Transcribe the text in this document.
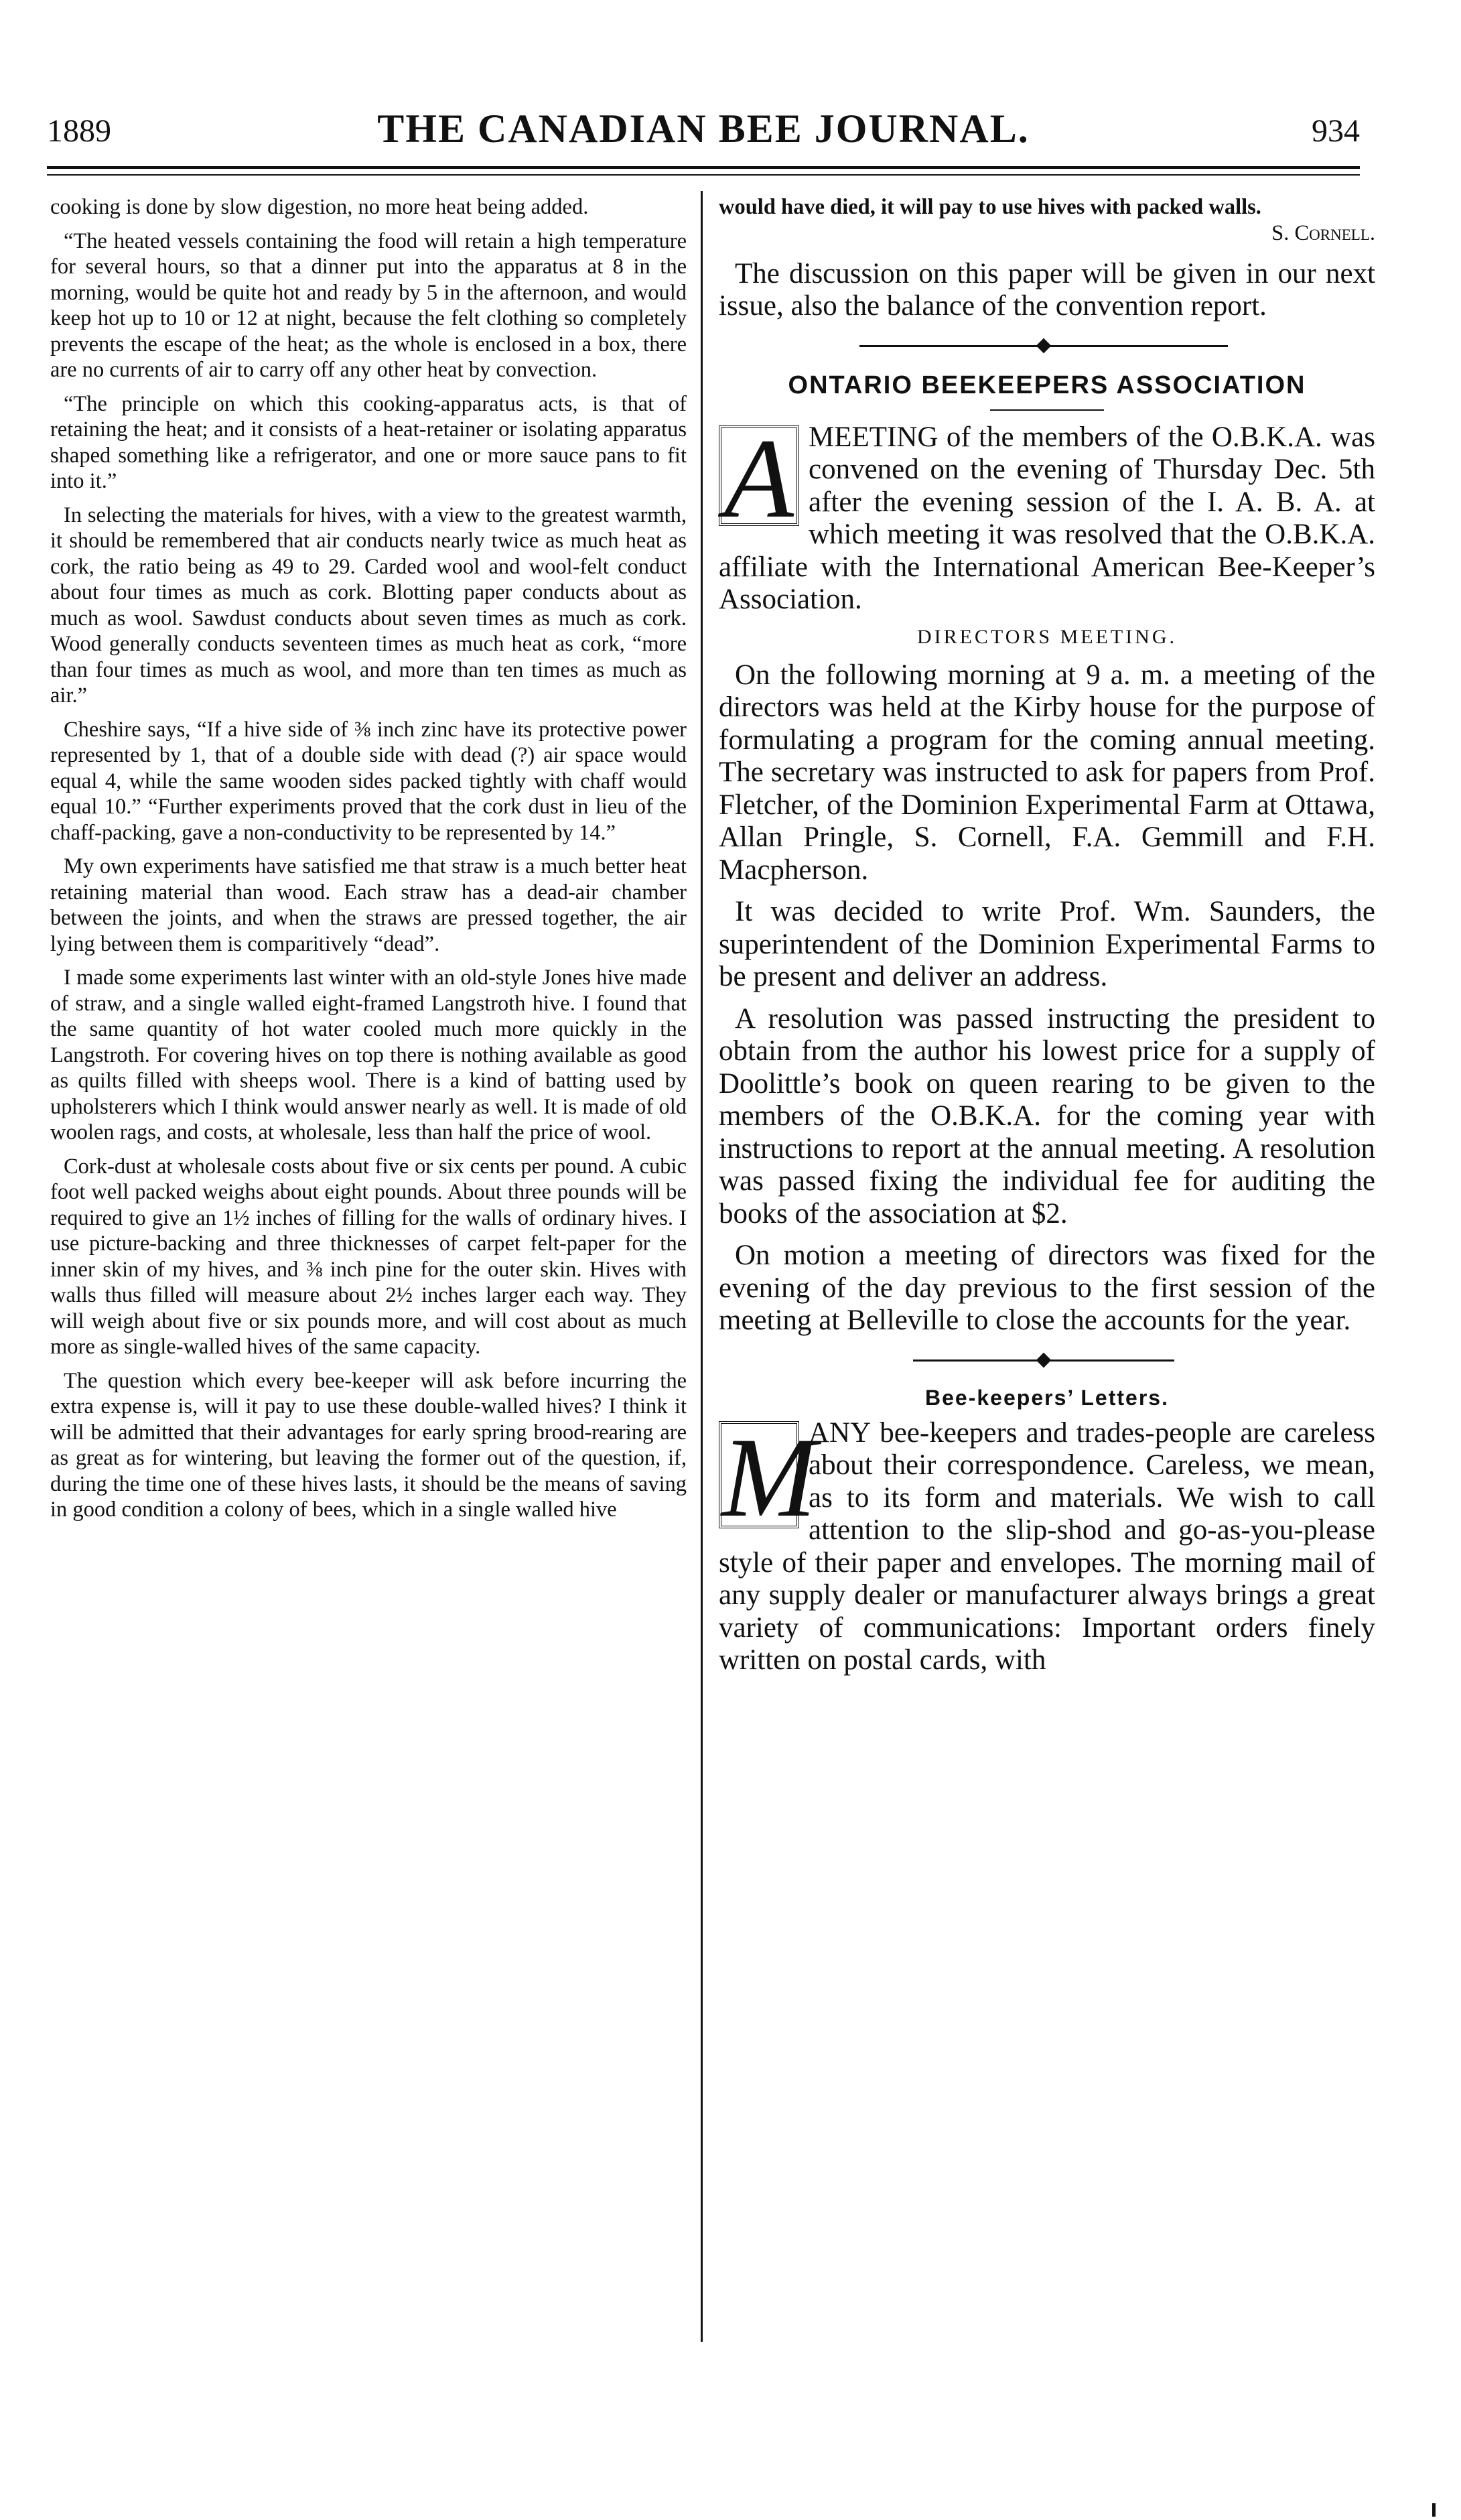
1889	THE CANADIAN BEE JOURNAL.	934

cooking is done by slow digestion, no more heat being added.

“The heated vessels containing the food will retain a high temperature for several hours, so that a dinner put into the apparatus at 8 in the morning, would be quite hot and ready by 5 in the afternoon, and would keep hot up to 10 or 12 at night, because the felt clothing so completely prevents the escape of the heat; as the whole is enclosed in a box, there are no currents of air to carry off any other heat by convection.

“The principle on which this cooking-apparatus acts, is that of retaining the heat; and it consists of a heat-retainer or isolating apparatus shaped something like a refrigerator, and one or more sauce pans to fit into it.”

In selecting the materials for hives, with a view to the greatest warmth, it should be remembered that air conducts nearly twice as much heat as cork, the ratio being as 49 to 29. Carded wool and wool-felt conduct about four times as much as cork. Blotting paper conducts about as much as wool. Sawdust conducts about seven times as much as cork. Wood generally conducts seventeen times as much heat as cork, “more than four times as much as wool, and more than ten times as much as air.”

Cheshire says, “If a hive side of ⅜ inch zinc have its protective power represented by 1, that of a double side with dead (?) air space would equal 4, while the same wooden sides packed tightly with chaff would equal 10.” “Further experiments proved that the cork dust in lieu of the chaff-packing, gave a non-conductivity to be represented by 14.”

My own experiments have satisfied me that straw is a much better heat retaining material than wood. Each straw has a dead-air chamber between the joints, and when the straws are pressed together, the air lying between them is comparitively “dead”.

I made some experiments last winter with an old-style Jones hive made of straw, and a single walled eight-framed Langstroth hive. I found that the same quantity of hot water cooled much more quickly in the Langstroth. For covering hives on top there is nothing available as good as quilts filled with sheeps wool. There is a kind of batting used by upholsterers which I think would answer nearly as well. It is made of old woolen rags, and costs, at wholesale, less than half the price of wool.

Cork-dust at wholesale costs about five or six cents per pound. A cubic foot well packed weighs about eight pounds. About three pounds will be required to give an 1½ inches of filling for the walls of ordinary hives. I use picture-backing and three thicknesses of carpet felt-paper for the inner skin of my hives, and ⅜ inch pine for the outer skin. Hives with walls thus filled will measure about 2½ inches larger each way. They will weigh about five or six pounds more, and will cost about as much more as single-walled hives of the same capacity.

The question which every bee-keeper will ask before incurring the extra expense is, will it pay to use these double-walled hives? I think it will be admitted that their advantages for early spring brood-rearing are as great as for wintering, but leaving the former out of the question, if, during the time one of these hives lasts, it should be the means of saving in good condition a colony of bees, which in a single walled hive

would have died, it will pay to use hives with packed walls.

S. Cornell.

The discussion on this paper will be given in our next issue, also the balance of the convention report.

ONTARIO BEEKEEPERS ASSOCIATION
A MEETING of the members of the O.B.K.A. was convened on the evening of Thursday Dec. 5th after the evening session of the I. A. B. A. at which meeting it was resolved that the O.B.K.A. affiliate with the International American Bee-Keeper’s Association.
DIRECTORS MEETING.

On the following morning at 9 a. m. a meeting of the directors was held at the Kirby house for the purpose of formulating a program for the coming annual meeting. The secretary was instructed to ask for papers from Prof. Fletcher, of the Dominion Experimental Farm at Ottawa, Allan Pringle, S. Cornell, F.A. Gemmill and F.H. Macpherson.

It was decided to write Prof. Wm. Saunders, the superintendent of the Dominion Experimental Farms to be present and deliver an address.

A resolution was passed instructing the president to obtain from the author his lowest price for a supply of Doolittle’s book on queen rearing to be given to the members of the O.B.K.A. for the coming year with instructions to report at the annual meeting. A resolution was passed fixing the individual fee for auditing the books of the association at $2.

On motion a meeting of directors was fixed for the evening of the day previous to the first session of the meeting at Belleville to close the accounts for the year.

Bee-keepers’ Letters.
M
ANY bee-keepers and trades-people are careless about their correspondence. Careless, we mean, as to its form and materials. We wish to call attention to the slip-shod and go-as-you-please style of their paper and envelopes. The morning mail of any supply dealer or manufacturer always brings a great variety of communications: Important orders finely written on postal cards, with
